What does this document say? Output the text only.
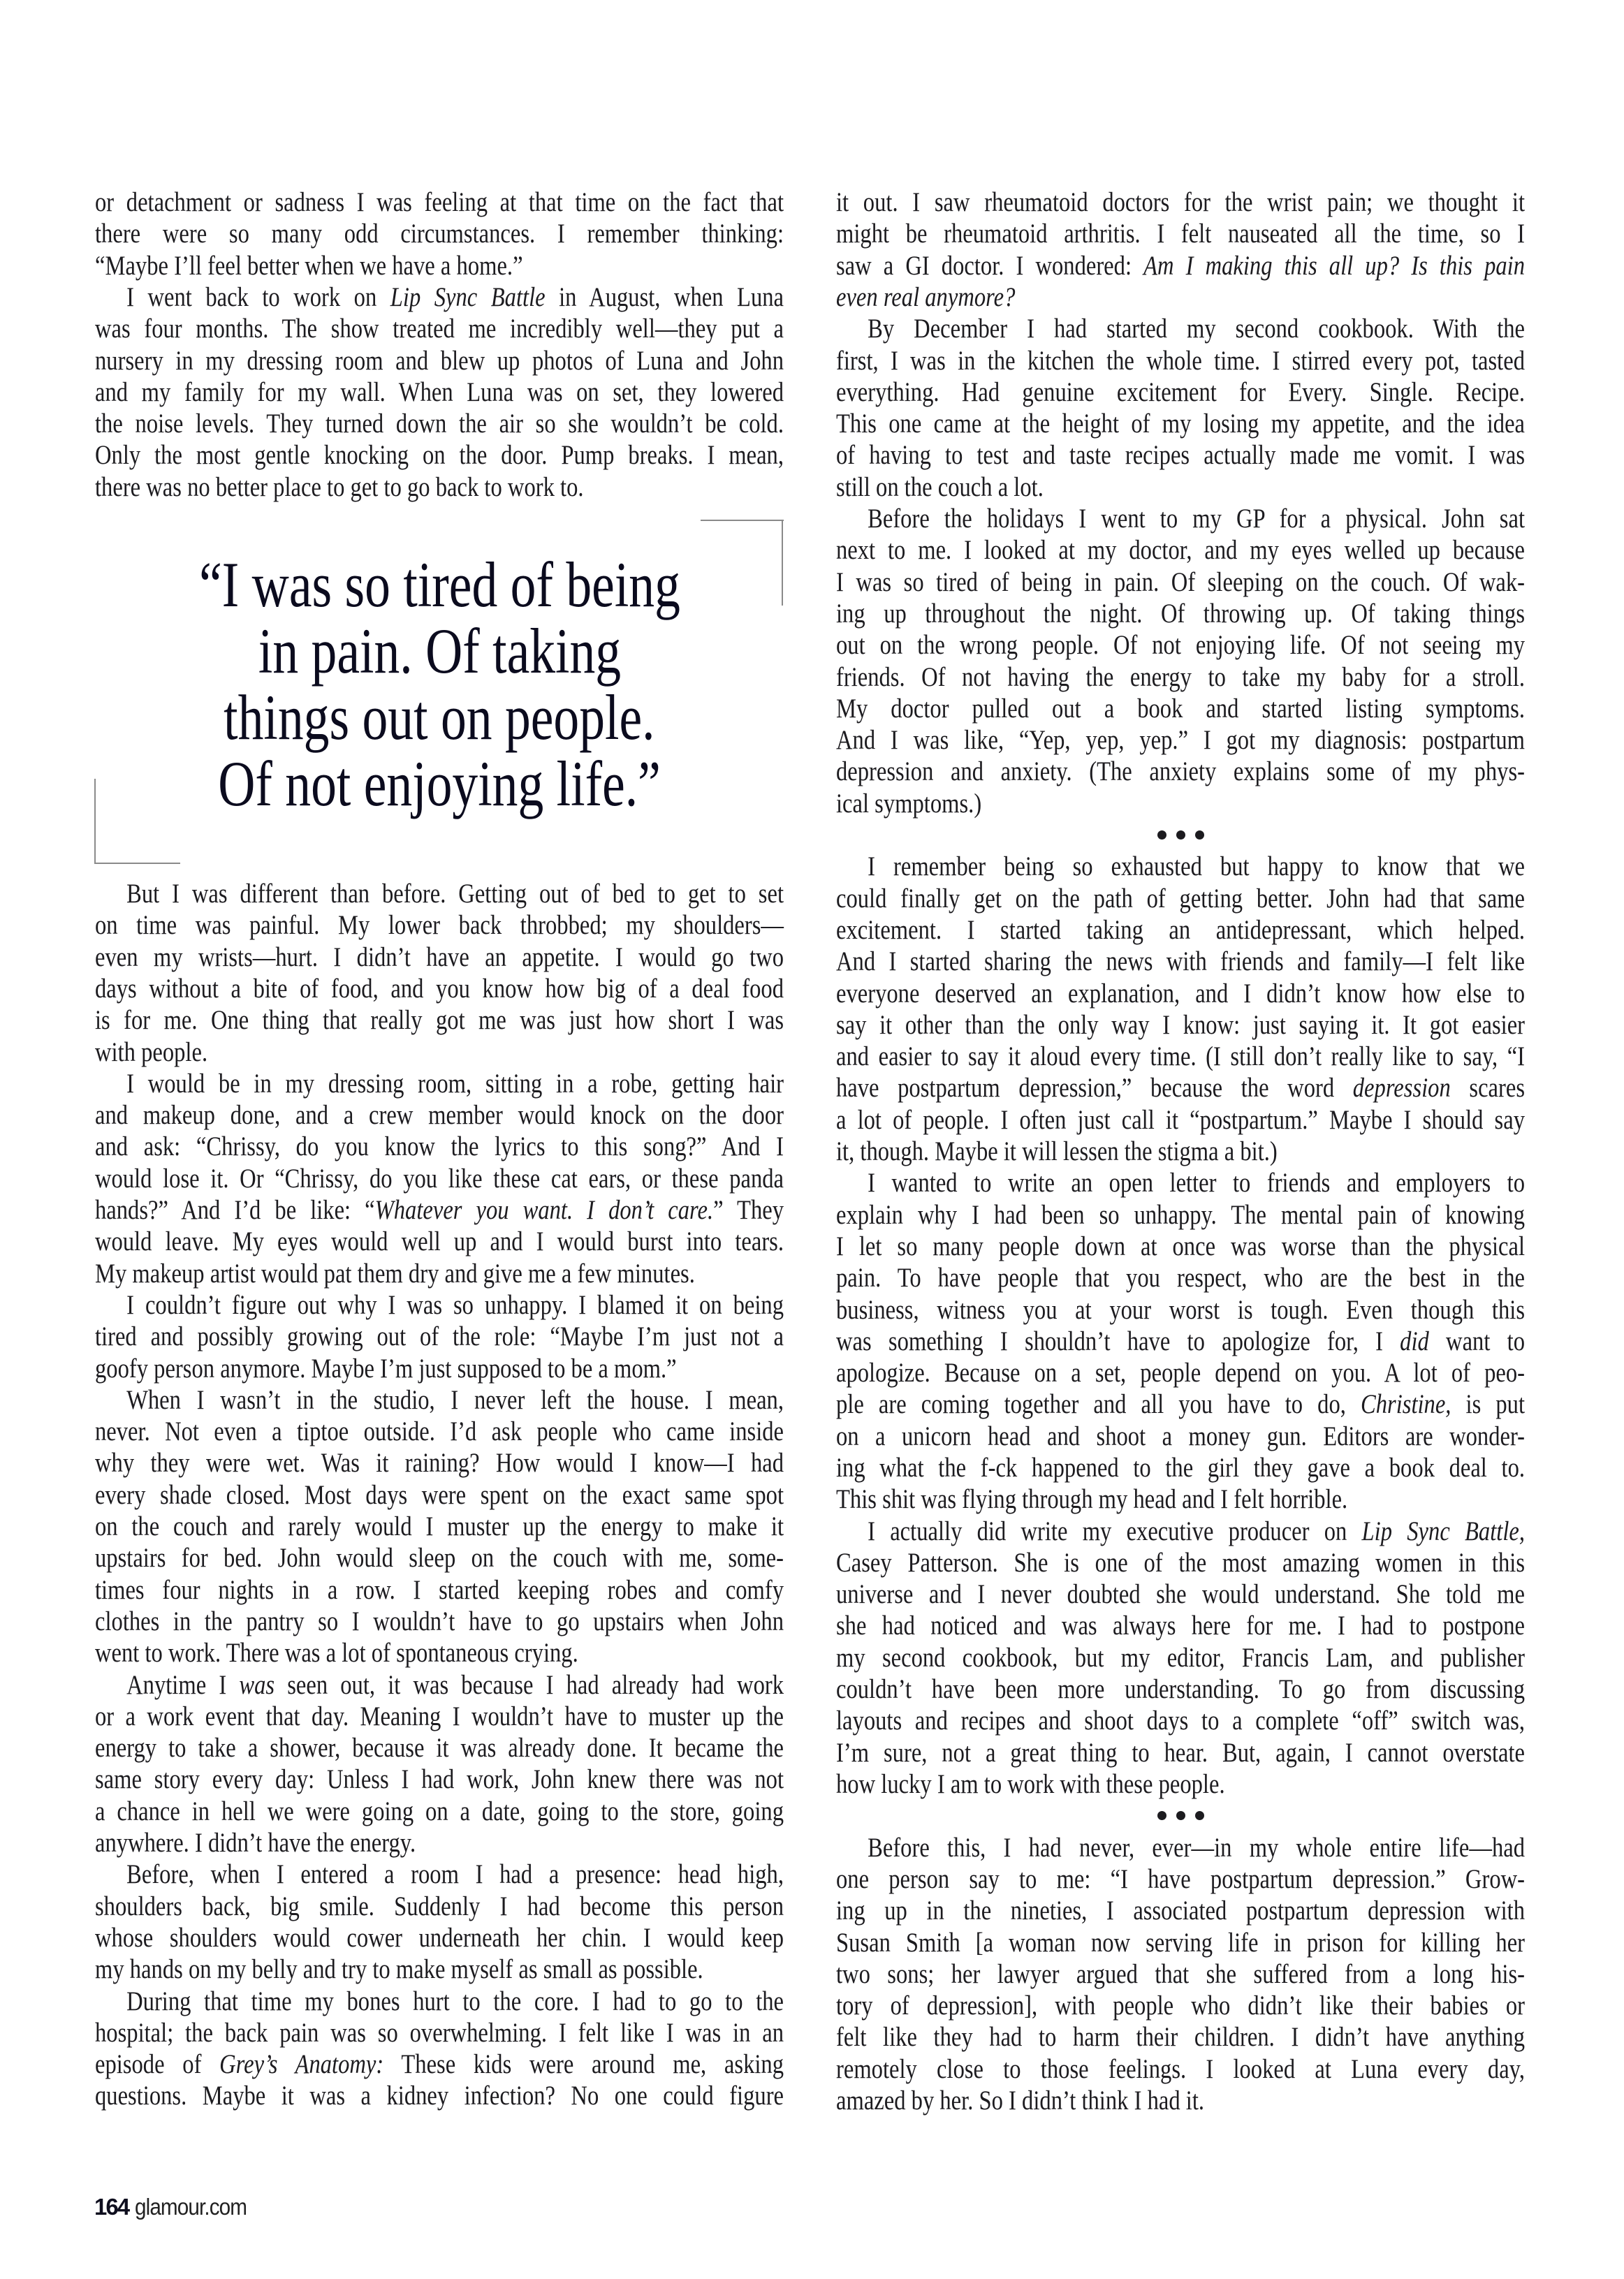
or detachment or sadness I was feeling at that time on the fact that
there were so many odd circumstances. I remember thinking:
“Maybe I’ll feel better when we have a home.”
I went back to work on Lip Sync Battle in August, when Luna
was four months. The show treated me incredibly well—they put a
nursery in my dressing room and blew up photos of Luna and John
and my family for my wall. When Luna was on set, they lowered
the noise levels. They turned down the air so she wouldn’t be cold.
Only the most gentle knocking on the door. Pump breaks. I mean,
there was no better place to get to go back to work to.
But I was different than before. Getting out of bed to get to set
on time was painful. My lower back throbbed; my shoulders—
even my wrists—hurt. I didn’t have an appetite. I would go two
days without a bite of food, and you know how big of a deal food
is for me. One thing that really got me was just how short I was
with people.
I would be in my dressing room, sitting in a robe, getting hair
and makeup done, and a crew member would knock on the door
and ask: “Chrissy, do you know the lyrics to this song?” And I
would lose it. Or “Chrissy, do you like these cat ears, or these panda
hands?” And I’d be like: “Whatever you want. I don’t care.” They
would leave. My eyes would well up and I would burst into tears.
My makeup artist would pat them dry and give me a few minutes.
I couldn’t figure out why I was so unhappy. I blamed it on being
tired and possibly growing out of the role: “Maybe I’m just not a
goofy person anymore. Maybe I’m just supposed to be a mom.”
When I wasn’t in the studio, I never left the house. I mean,
never. Not even a tiptoe outside. I’d ask people who came inside
why they were wet. Was it raining? How would I know—I had
every shade closed. Most days were spent on the exact same spot
on the couch and rarely would I muster up the energy to make it
upstairs for bed. John would sleep on the couch with me, some-
times four nights in a row. I started keeping robes and comfy
clothes in the pantry so I wouldn’t have to go upstairs when John
went to work. There was a lot of spontaneous crying.
Anytime I was seen out, it was because I had already had work
or a work event that day. Meaning I wouldn’t have to muster up the
energy to take a shower, because it was already done. It became the
same story every day: Unless I had work, John knew there was not
a chance in hell we were going on a date, going to the store, going
anywhere. I didn’t have the energy.
Before, when I entered a room I had a presence: head high,
shoulders back, big smile. Suddenly I had become this person
whose shoulders would cower underneath her chin. I would keep
my hands on my belly and try to make myself as small as possible.
During that time my bones hurt to the core. I had to go to the
hospital; the back pain was so overwhelming. I felt like I was in an
episode of Grey’s Anatomy: These kids were around me, asking
questions. Maybe it was a kidney infection? No one could figure
“I was so tired of being
in pain. Of taking
things out on people.
Of not enjoying life.”
it out. I saw rheumatoid doctors for the wrist pain; we thought it
might be rheumatoid arthritis. I felt nauseated all the time, so I
saw a GI doctor. I wondered: Am I making this all up? Is this pain
even real anymore?
By December I had started my second cookbook. With the
first, I was in the kitchen the whole time. I stirred every pot, tasted
everything. Had genuine excitement for Every. Single. Recipe.
This one came at the height of my losing my appetite, and the idea
of having to test and taste recipes actually made me vomit. I was
still on the couch a lot.
Before the holidays I went to my GP for a physical. John sat
next to me. I looked at my doctor, and my eyes welled up because
I was so tired of being in pain. Of sleeping on the couch. Of wak-
ing up throughout the night. Of throwing up. Of taking things
out on the wrong people. Of not enjoying life. Of not seeing my
friends. Of not having the energy to take my baby for a stroll.
My doctor pulled out a book and started listing symptoms.
And I was like, “Yep, yep, yep.” I got my diagnosis: postpartum
depression and anxiety. (The anxiety explains some of my phys-
ical symptoms.)
I remember being so exhausted but happy to know that we
could finally get on the path of getting better. John had that same
excitement. I started taking an antidepressant, which helped.
And I started sharing the news with friends and family—I felt like
everyone deserved an explanation, and I didn’t know how else to
say it other than the only way I know: just saying it. It got easier
and easier to say it aloud every time. (I still don’t really like to say, “I
have postpartum depression,” because the word depression scares
a lot of people. I often just call it “postpartum.” Maybe I should say
it, though. Maybe it will lessen the stigma a bit.)
I wanted to write an open letter to friends and employers to
explain why I had been so unhappy. The mental pain of knowing
I let so many people down at once was worse than the physical
pain. To have people that you respect, who are the best in the
business, witness you at your worst is tough. Even though this
was something I shouldn’t have to apologize for, I did want to
apologize. Because on a set, people depend on you. A lot of peo-
ple are coming together and all you have to do, Christine, is put
on a unicorn head and shoot a money gun. Editors are wonder-
ing what the f-ck happened to the girl they gave a book deal to.
This shit was flying through my head and I felt horrible.
I actually did write my executive producer on Lip Sync Battle,
Casey Patterson. She is one of the most amazing women in this
universe and I never doubted she would understand. She told me
she had noticed and was always here for me. I had to postpone
my second cookbook, but my editor, Francis Lam, and publisher
couldn’t have been more understanding. To go from discussing
layouts and recipes and shoot days to a complete “off” switch was,
I’m sure, not a great thing to hear. But, again, I cannot overstate
how lucky I am to work with these people.
Before this, I had never, ever—in my whole entire life—had
one person say to me: “I have postpartum depression.” Grow-
ing up in the nineties, I associated postpartum depression with
Susan Smith [a woman now serving life in prison for killing her
two sons; her lawyer argued that she suffered from a long his-
tory of depression], with people who didn’t like their babies or
felt like they had to harm their children. I didn’t have anything
remotely close to those feelings. I looked at Luna every day,
amazed by her. So I didn’t think I had it.
164 glamour.com
